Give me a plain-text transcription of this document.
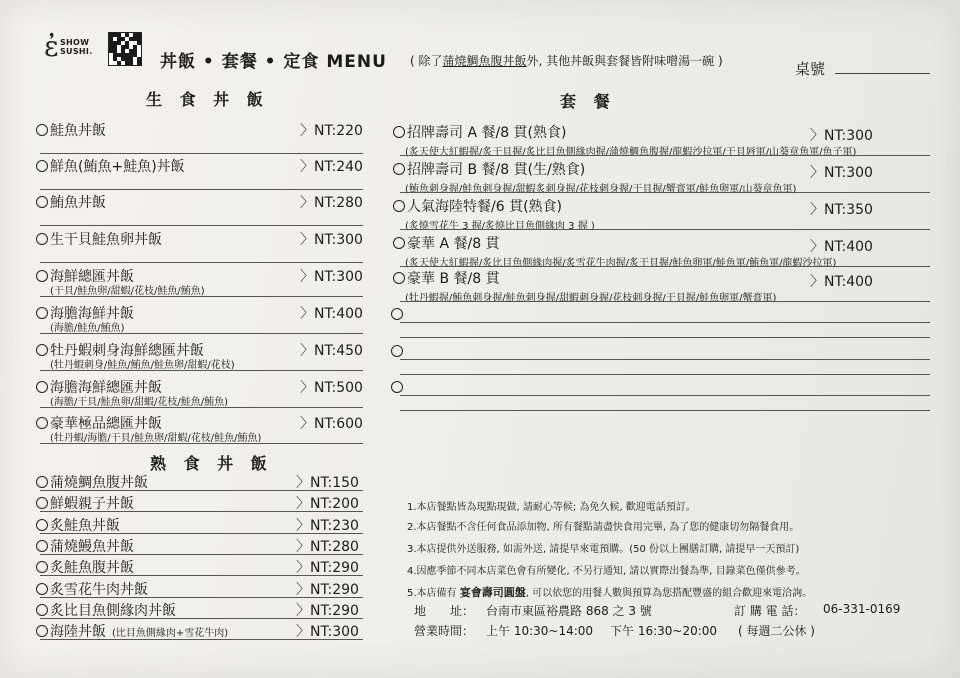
ἐ SHOW
SUSHI.
丼飯 • 套餐 • 定食 MENU ( 除了蒲燒鯛魚腹丼飯外, 其他丼飯與套餐皆附味噌湯一碗 )	桌號
生 食 丼 飯	套 餐
熟 食 丼 飯
鮭魚丼飯	〉NT:220
鮮魚(鮪魚+鮭魚)丼飯	〉NT:240
鮪魚丼飯	〉NT:280
生干貝鮭魚卵丼飯	〉NT:300
海鮮總匯丼飯	〉NT:300
(干貝/鮭魚卵/甜蝦/花枝/鮭魚/鮪魚)
海膽海鮮丼飯	〉NT:400
(海膽/鮭魚/鮪魚)
牡丹蝦刺身海鮮總匯丼飯	〉NT:450
(牡丹蝦刺身/鮭魚/鮪魚/鮭魚卵/甜蝦/花枝)
海膽海鮮總匯丼飯	〉NT:500
(海膽/干貝/鮭魚卵/甜蝦/花枝/鮭魚/鮪魚)
豪華極品總匯丼飯	〉NT:600
(牡丹蝦/海膽/干貝/鮭魚卵/甜蝦/花枝/鮭魚/鮪魚)
蒲燒鯛魚腹丼飯	〉NT:150
鮮蝦親子丼飯	〉NT:200
炙鮭魚丼飯	〉NT:230
蒲燒鰻魚丼飯	〉NT:280
炙鮭魚腹丼飯	〉NT:290
炙雪花牛肉丼飯	〉NT:290
炙比目魚側緣肉丼飯	〉NT:290
海陸丼飯 (比目魚側緣肉+雪花牛肉)	〉NT:300
招牌壽司 A 餐/8 貫(熟食)	〉NT:300
(炙天使大紅蝦握/炙干貝握/炙比目魚側緣肉握/蒲燒鯛魚腹握/龍蝦沙拉軍/干貝唇軍/山葵章魚軍/魚子軍)
招牌壽司 B 餐/8 貫(生/熟食)	〉NT:300
(鮪魚刺身握/鮭魚刺身握/甜蝦炙刺身握/花枝刺身握/干貝握/蟹膏軍/鮭魚卵軍/山葵章魚軍)
人氣海陸特餐/6 貫(熟食)	〉NT:350
(炙燒雪花牛 3 握/炙燒比目魚側緣肉 3 握 )
豪華 A 餐/8 貫	〉NT:400
(炙天使大紅蝦握/炙比目魚側緣肉握/炙雪花牛肉握/炙干貝握/鮭魚卵軍/鮭魚軍/鮪魚軍/龍蝦沙拉軍)
豪華 B 餐/8 貫	〉NT:400
(牡丹蝦握/鮪魚刺身握/鮭魚刺身握/甜蝦刺身握/花枝刺身握/干貝握/鮭魚卵軍/蟹膏軍)
1.本店餐點皆為現點現做, 請耐心等候; 為免久候, 歡迎電話預訂。
2.本店餐點不含任何食品添加物, 所有餐點請盡快食用完畢, 為了您的健康切勿隔餐食用。
3.本店提供外送服務, 如需外送, 請提早來電預購。(50 份以上團膳訂購, 請提早一天預訂)
4.因應季節不同本店菜色會有所變化, 不另行通知, 請以實際出餐為準, 目錄菜色僅供參考。
5.本店備有 宴會壽司圓盤, 可以依您的用餐人數與預算為您搭配豐盛的組合歡迎來電洽詢。
地　　址： 台南市東區裕農路 868 之 3 號	訂 購 電 話： 06-331-0169
營業時間： 上午 10:30~14:00 下午 16:30~20:00 ( 每週二公休 )
